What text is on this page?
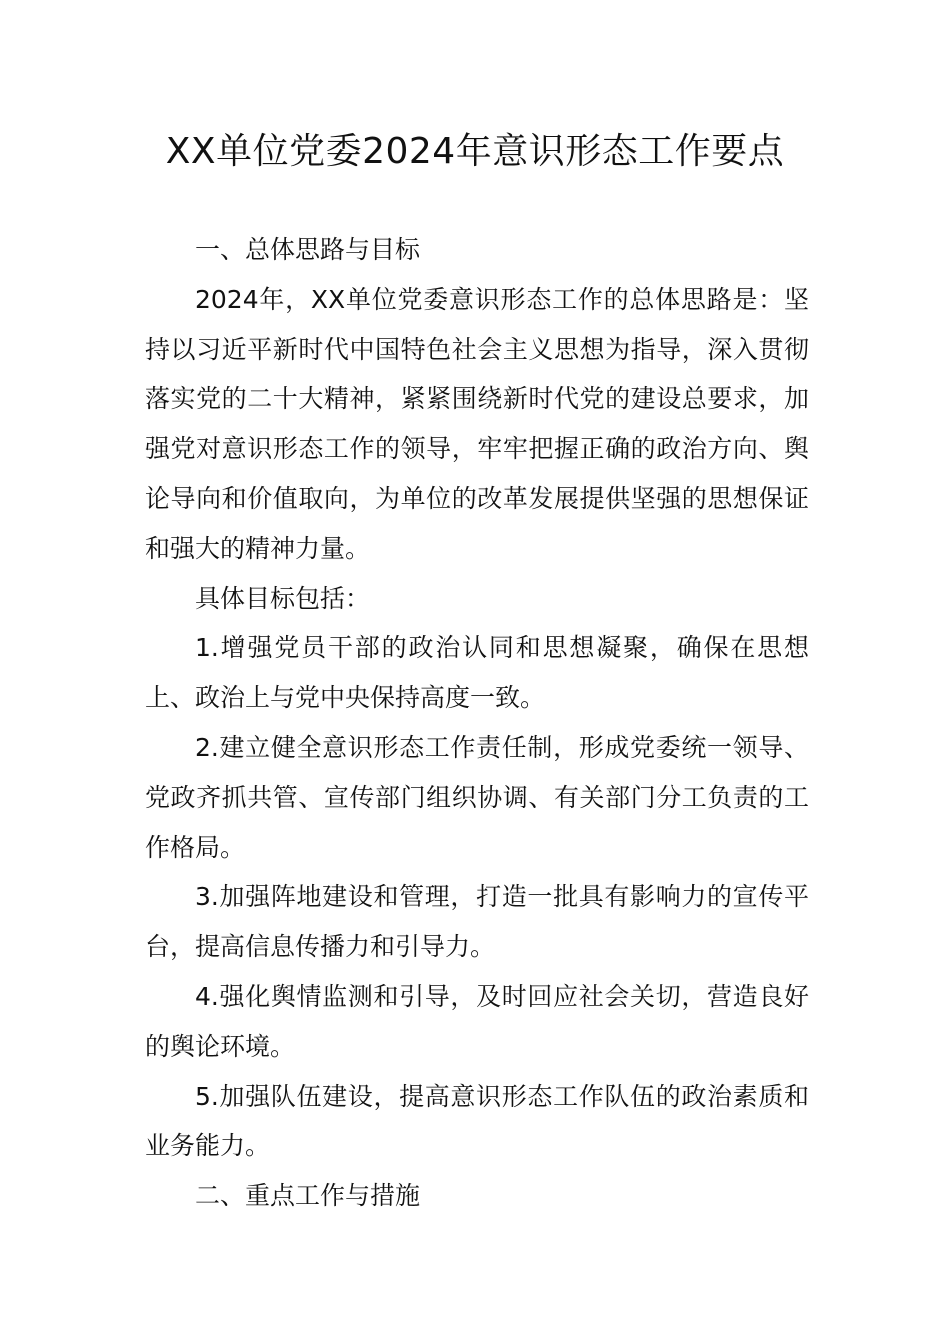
XX单位党委2024年意识形态工作要点
一、总体思路与目标

2024年，XX单位党委意识形态工作的总体思路是：坚持以习近平新时代中国特色社会主义思想为指导，深入贯彻落实党的二十大精神，紧紧围绕新时代党的建设总要求，加强党对意识形态工作的领导，牢牢把握正确的政治方向、舆论导向和价值取向，为单位的改革发展提供坚强的思想保证和强大的精神力量。

具体目标包括：

1.增强党员干部的政治认同和思想凝聚，确保在思想上、政治上与党中央保持高度一致。

2.建立健全意识形态工作责任制，形成党委统一领导、党政齐抓共管、宣传部门组织协调、有关部门分工负责的工作格局。

3.加强阵地建设和管理，打造一批具有影响力的宣传平台，提高信息传播力和引导力。

4.强化舆情监测和引导，及时回应社会关切，营造良好的舆论环境。

5.加强队伍建设，提高意识形态工作队伍的政治素质和业务能力。

二、重点工作与措施
